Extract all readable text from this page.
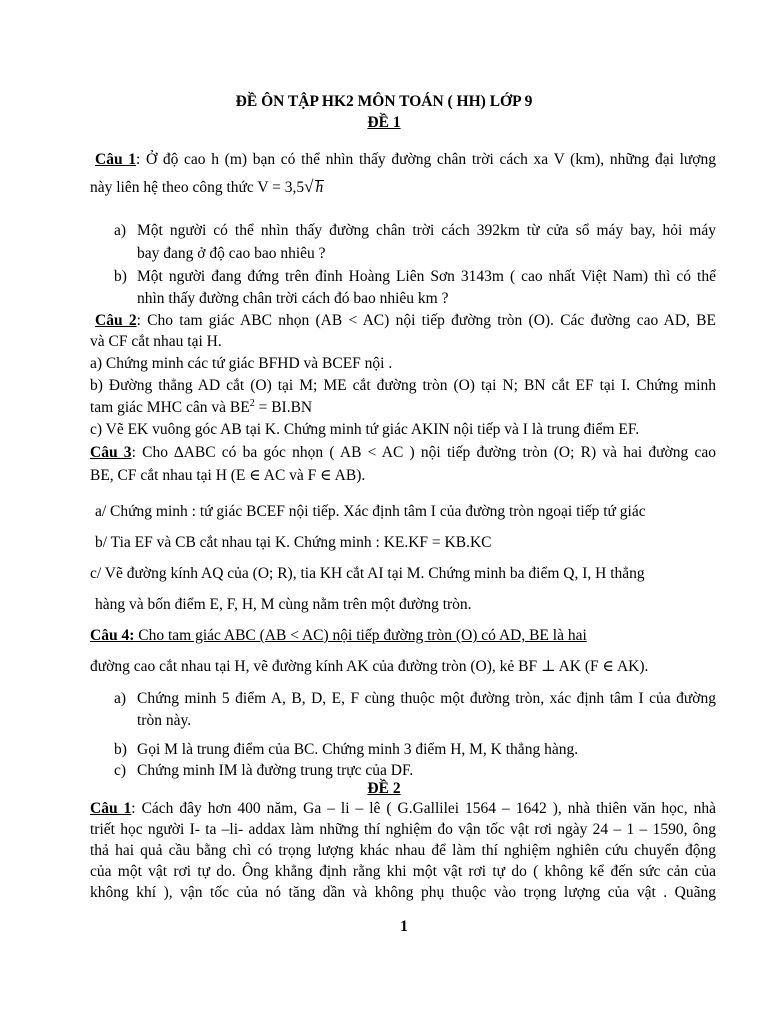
ĐỀ ÔN TẬP HK2 MÔN TOÁN ( HH) LỚP 9
ĐỀ 1
Câu 1: Ở độ cao h (m) bạn có thể nhìn thấy đường chân trời cách xa V (km), những đại lượng
này liên hệ theo công thức V = 3,5√ h
a) Một người có thể nhìn thấy đường chân trời cách 392km từ cửa sổ máy bay, hỏi máy
bay đang ở độ cao bao nhiêu ?
b) Một người đang đứng trên đỉnh Hoàng Liên Sơn 3143m ( cao nhất Việt Nam) thì có thể
nhìn thấy đường chân trời cách đó bao nhiêu km ?
Câu 2: Cho tam giác ABC nhọn (AB < AC) nội tiếp đường tròn (O). Các đường cao AD, BE
và CF cắt nhau tại H.
a) Chứng minh các tứ giác BFHD và BCEF nội .
b) Đường thẳng AD cắt (O) tại M; ME cắt đường tròn (O) tại N; BN cắt EF tại I. Chứng minh
tam giác MHC cân và $BE^2 = BI.BN$
c) Vẽ EK vuông góc AB tại K. Chứng minh tứ giác AKIN nội tiếp và I là trung điểm EF.
Câu 3: Cho ∆ABC có ba góc nhọn ( AB < AC ) nội tiếp đường tròn (O; R) và hai đường cao
BE, CF cắt nhau tại H (E ∈ AC và F ∈ AB).
a/ Chứng minh : tứ giác BCEF nội tiếp. Xác định tâm I của đường tròn ngoại tiếp tứ giác
b/ Tia EF và CB cắt nhau tại K. Chứng minh : KE.KF = KB.KC
c/ Vẽ đường kính AQ của (O; R), tia KH cắt AI tại M. Chứng minh ba điểm Q, I, H thẳng
hàng và bốn điểm E, F, H, M cùng nằm trên một đường tròn.
Câu 4: Cho tam giác ABC (AB < AC) nội tiếp đường tròn (O) có AD, BE là hai
đường cao cắt nhau tại H, vẽ đường kính AK của đường tròn (O), kẻ BF ⊥ AK (F ∈ AK).
a) Chứng minh 5 điểm A, B, D, E, F cùng thuộc một đường tròn, xác định tâm I của đường
tròn này.
b) Gọi M là trung điểm của BC. Chứng minh 3 điểm H, M, K thẳng hàng.
c) Chứng minh IM là đường trung trực của DF.
ĐỀ 2
Câu 1: Cách đây hơn 400 năm, Ga – li – lê ( G.Gallilei 1564 – 1642 ), nhà thiên văn học, nhà
triết học người I- ta –li- addax làm những thí nghiệm đo vận tốc vật rơi ngày 24 – 1 – 1590, ông
thả hai quả cầu bằng chì có trọng lượng khác nhau để làm thí nghiệm nghiên cứu chuyển động
của một vật rơi tự do. Ông khẳng định rằng khi một vật rơi tự do ( không kể đến sức cản của
không khí ), vận tốc của nó tăng dần và không phụ thuộc vào trọng lượng của vật . Quãng
1
